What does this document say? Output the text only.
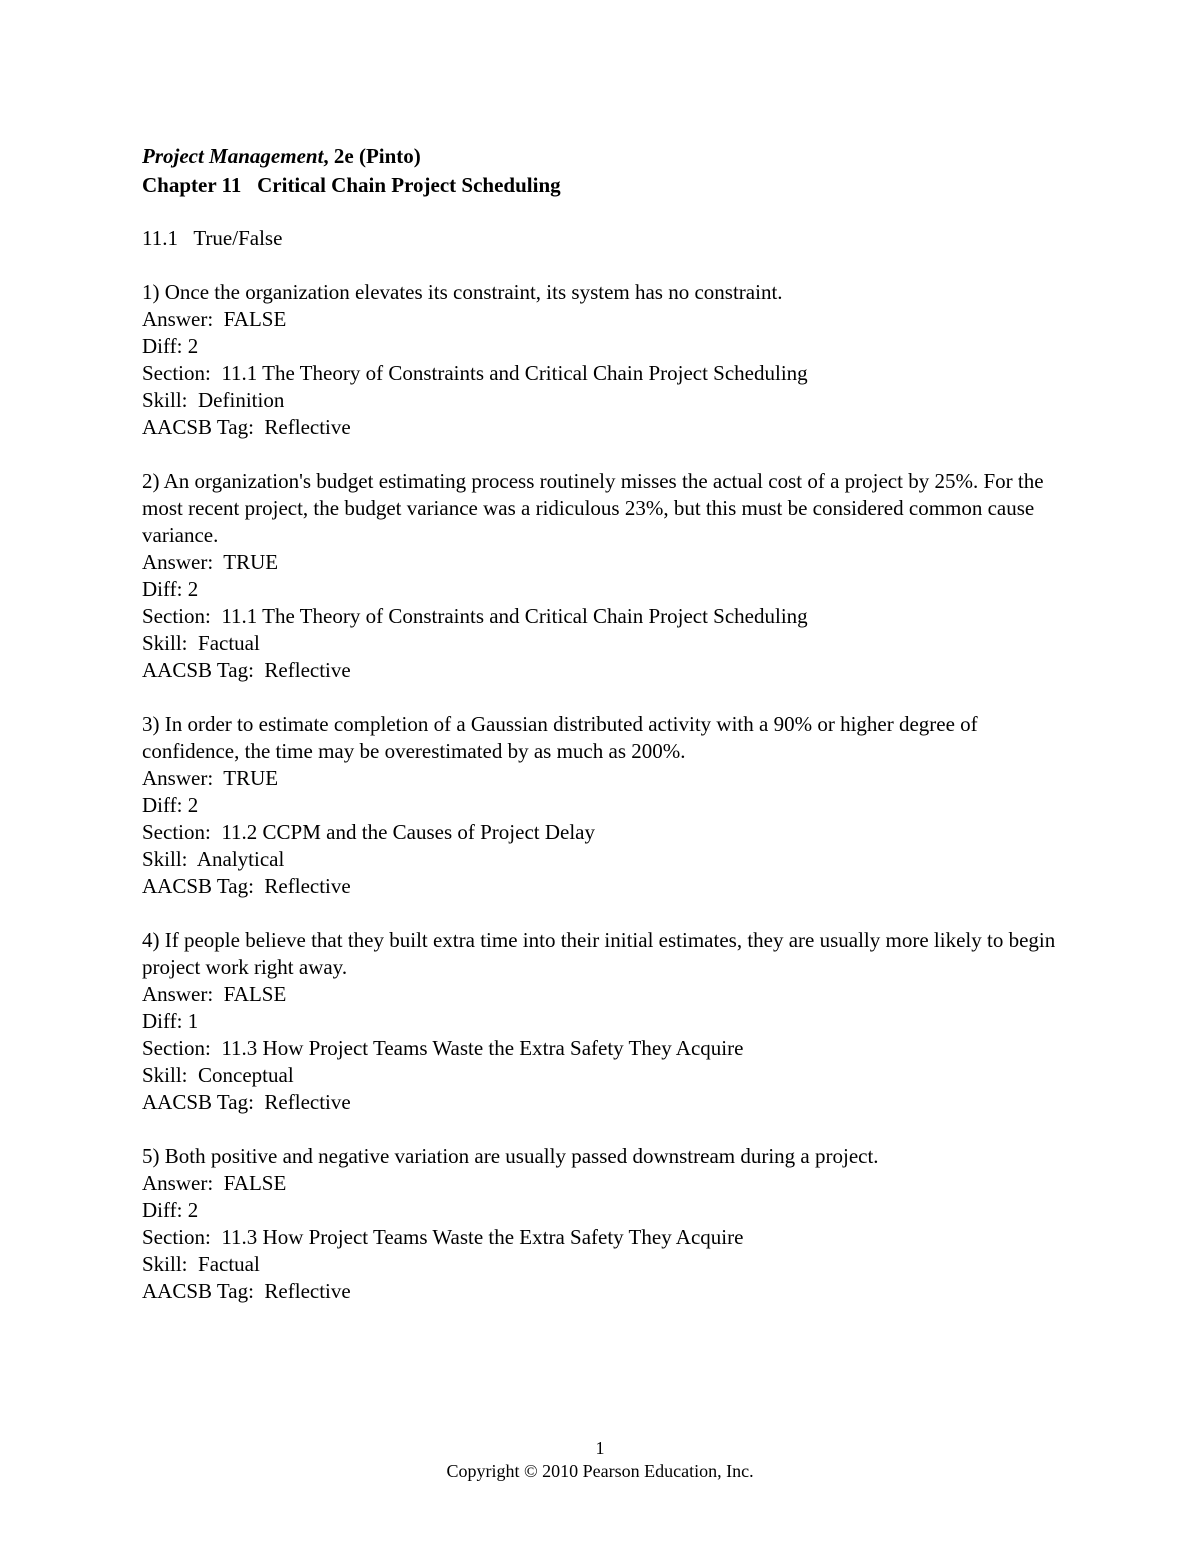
Project Management, 2e (Pinto)

Chapter 11   Critical Chain Project Scheduling

11.1   True/False

1) Once the organization elevates its constraint, its system has no constraint.

Answer:  FALSE

Diff: 2

Section:  11.1 The Theory of Constraints and Critical Chain Project Scheduling

Skill:  Definition

AACSB Tag:  Reflective

2) An organization's budget estimating process routinely misses the actual cost of a project by 25%. For the most recent project, the budget variance was a ridiculous 23%, but this must be considered common cause variance.

Answer:  TRUE

Diff: 2

Section:  11.1 The Theory of Constraints and Critical Chain Project Scheduling

Skill:  Factual

AACSB Tag:  Reflective

3) In order to estimate completion of a Gaussian distributed activity with a 90% or higher degree of confidence, the time may be overestimated by as much as 200%.

Answer:  TRUE

Diff: 2

Section:  11.2 CCPM and the Causes of Project Delay

Skill:  Analytical

AACSB Tag:  Reflective

4) If people believe that they built extra time into their initial estimates, they are usually more likely to begin project work right away.

Answer:  FALSE

Diff: 1

Section:  11.3 How Project Teams Waste the Extra Safety They Acquire

Skill:  Conceptual

AACSB Tag:  Reflective

5) Both positive and negative variation are usually passed downstream during a project.

Answer:  FALSE

Diff: 2

Section:  11.3 How Project Teams Waste the Extra Safety They Acquire

Skill:  Factual

AACSB Tag:  Reflective

1
Copyright © 2010 Pearson Education, Inc.
